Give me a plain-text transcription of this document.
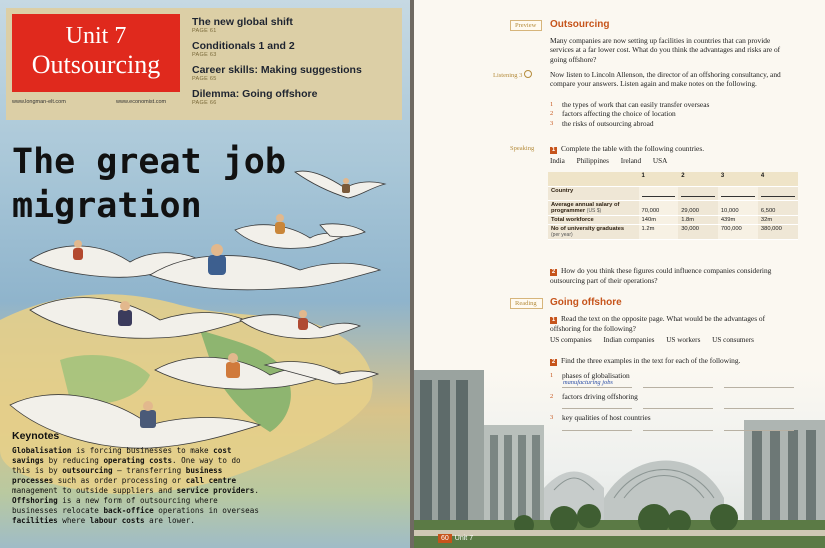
Unit 7
Outsourcing
www.longman-elt.com	www.economist.com
The new global shift
PAGE 61
Conditionals 1 and 2
PAGE 63
Career skills: Making suggestions
PAGE 65
Dilemma: Going offshore
PAGE 66
The great job
migration
Keynotes

Globalisation is forcing businesses to make cost savings by reducing operating costs. One way to do this is by outsourcing – transferring business processes such as order processing or call centre management to outside suppliers and service providers. Offshoring is a new form of outsourcing where businesses relocate back-office operations in overseas facilities where labour costs are lower.

Preview	Outsourcing
Many companies are now setting up facilities in countries that can provide services at a far lower cost. What do you think the advantages and risks are of going offshore?
Listening 3	Now listen to Lincoln Allenson, the director of an offshoring consultancy, and compare your answers. Listen again and make notes on the following.
1 the types of work that can easily transfer overseas
2 factors affecting the choice of location
3 the risks of outsourcing abroad
Speaking	1 Complete the table with the following countries.
India Philippines Ireland USA
	1	2	3	4
Country	

Average annual salary of programmer (US $)	70,000	29,000	10,000	6,500
Total workforce	140m	1.8m	439m	32m
No of university graduates
(per year)	1.2m	30,000	700,000	380,000
2 How do you think these figures could influence companies considering outsourcing part of their operations?
Reading	Going offshore
1 Read the text on the opposite page. What would be the advantages of offshoring for the following?
US companies Indian companies US workers US consumers
2 Find the three examples in the text for each of the following.
1 phases of globalisation
2 factors driving offshoring
3 key qualities of host countries
manufacturing jobs
60 Unit 7
